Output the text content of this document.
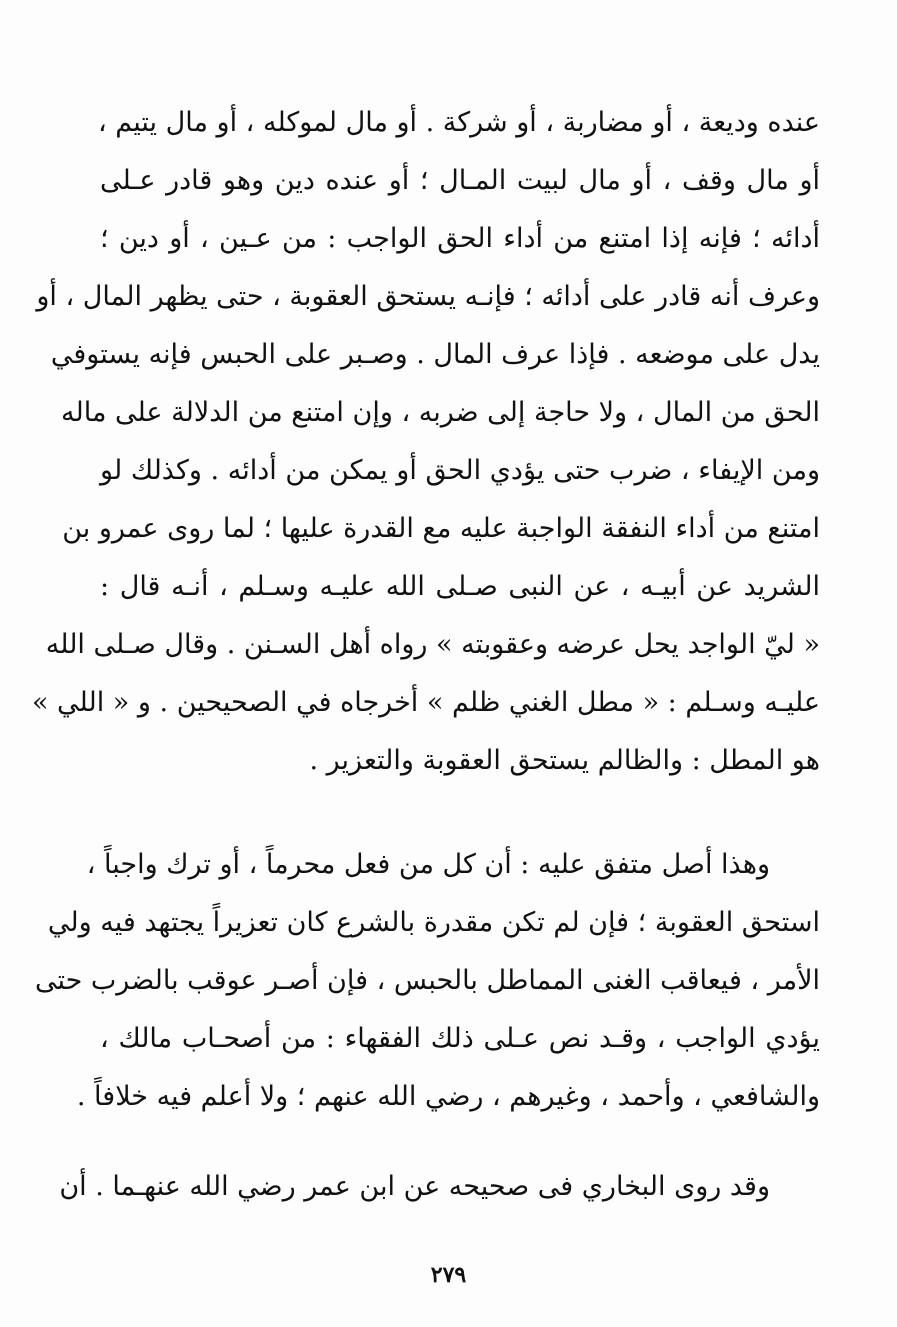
عنده وديعة ، أو مضاربة ، أو شركة . أو مال لموكله ، أو مال يتيم ،
أو مال وقف ، أو مال لبيت المـال ؛ أو عنده دين وهو قادر عـلى
أدائه ؛ فإنه إذا امتنع من أداء الحق الواجب : من عـين ، أو دين ؛
وعرف أنه قادر على أدائه ؛ فإنـه يستحق العقوبة ، حتى يظهر المال ، أو
يدل على موضعه . فإذا عرف المال . وصـبر على الحبس فإنه يستوفي
الحق من المال ، ولا حاجة إلى ضربه ، وإن امتنع من الدلالة على ماله
ومن الإيفاء ، ضرب حتى يؤدي الحق أو يمكن من أدائه . وكذلك لو
امتنع من أداء النفقة الواجبة عليه مع القدرة عليها ؛ لما روى عمرو بن
الشريد عن أبيـه ، عن النبى صـلى الله عليـه وسـلم ، أنـه قال :
« ليّ الواجد يحل عرضه وعقوبته » رواه أهل السـنن . وقال صـلى الله
عليـه وسـلم : « مطل الغني ظلم » أخرجاه في الصحيحين . و « اللي »
هو المطل : والظالم يستحق العقوبة والتعزير .
وهذا أصل متفق عليه : أن كل من فعل محرماً ، أو ترك واجباً ،
استحق العقوبة ؛ فإن لم تكن مقدرة بالشرع كان تعزيراً يجتهد فيه ولي
الأمر ، فيعاقب الغنى المماطل بالحبس ، فإن أصـر عوقب بالضرب حتى
يؤدي الواجب ، وقـد نص عـلى ذلك الفقهاء : من أصحـاب مالك ،
والشافعي ، وأحمد ، وغيرهم ، رضي الله عنهم ؛ ولا أعلم فيه خلافاً .
وقد روى البخاري فى صحيحه عن ابن عمر رضي الله عنهـما . أن
٢٧٩
